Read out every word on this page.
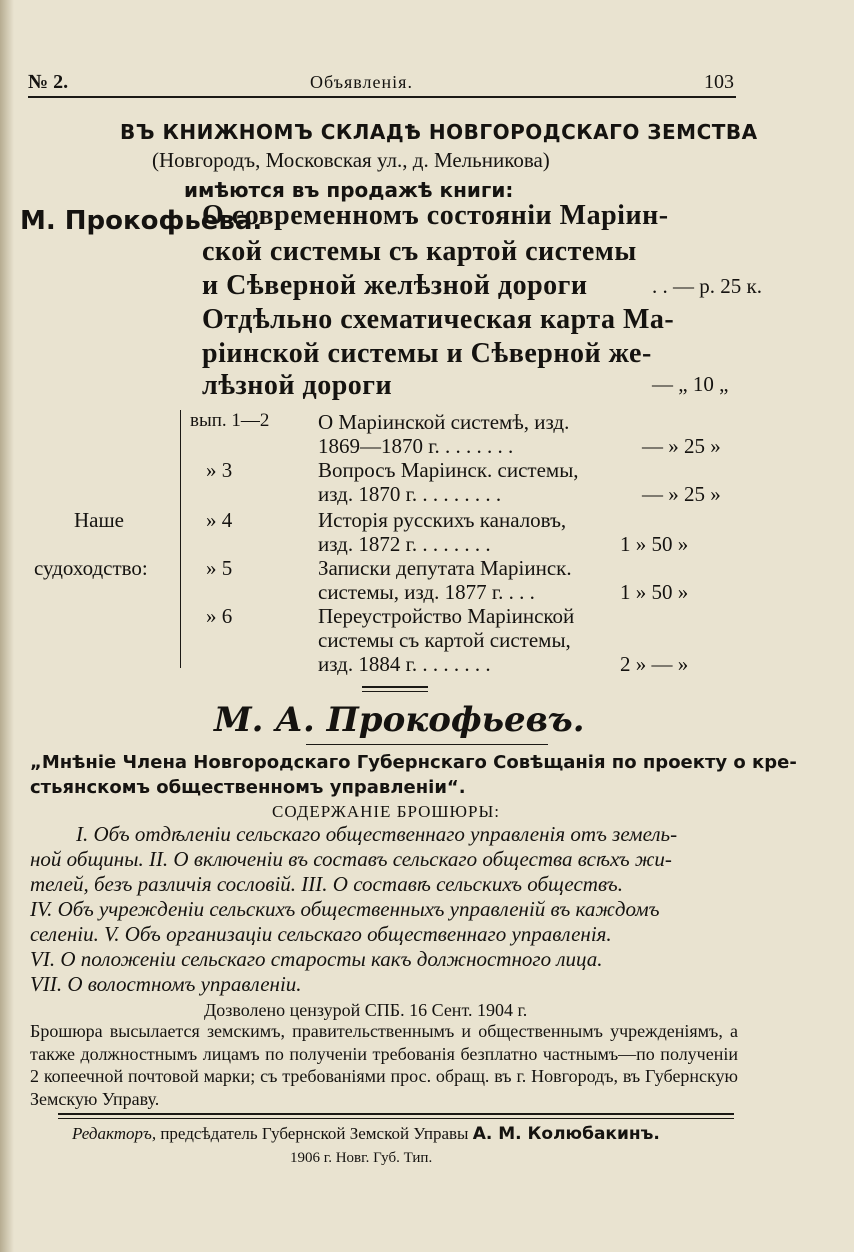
№ 2.	Объявленія.	103
ВЪ КНИЖНОМЪ СКЛАДѢ НОВГОРОДСКАГО ЗЕМСТВА
(Новгородъ, Московская ул., д. Мельникова)
имѣются въ продажѣ книги:
М. Прокофьева.
О современномъ состояніи Маріин-
ской системы съ картой системы
и Сѣверной желѣзной дороги	. . — р. 25 к.
Отдѣльно схематическая карта Ма-
ріинской системы и Сѣверной же-
лѣзной дороги	— „ 10 „
Наше
судоходство:
вып. 1—2 О Маріинской системѣ, изд.
1869—1870 г. . . . . . . .	— » 25 »
» 3	Вопросъ Маріинск. системы,
изд. 1870 г. . . . . . . . .	— » 25 »
» 4	Исторія русскихъ каналовъ,
изд. 1872 г. . . . . . . .	1 » 50 »
» 5	Записки депутата Маріинск.
системы, изд. 1877 г. . . .	1 » 50 »
» 6	Переустройство Маріинской
системы съ картой системы,
изд. 1884 г. . . . . . . .	2 » — »
М. А. Прокофьевъ.
„Мнѣніе Члена Новгородскаго Губернскаго Совѣщанія по проекту о кре-
стьянскомъ общественномъ управленіи“.
СОДЕРЖАНІЕ БРОШЮРЫ:
I. Объ отдѣленіи сельскаго общественнаго управленія отъ земель-
ной общины. II. О включеніи въ составъ сельскаго общества всѣхъ жи-
телей, безъ различія сословій. III. О составѣ сельскихъ обществъ.
IV. Объ учрежденіи сельскихъ общественныхъ управленій въ каждомъ
селеніи. V. Объ организаціи сельскаго общественнаго управленія.
VI. О положеніи сельскаго старосты какъ должностного лица.
VII. О волостномъ управленіи.
Дозволено цензурой СПБ. 16 Сент. 1904 г.
Брошюра высылается земскимъ, правительственнымъ и общественнымъ учрежденіямъ, а также должностнымъ лицамъ по полученіи требованія безплатно частнымъ—по полученіи 2 копеечной почтовой марки; съ требованіями прос. обращ. въ г. Новгородъ, въ Губернскую Земскую Управу.
Редакторъ, предсѣдатель Губернской Земской Управы А. М. Колюбакинъ.
1906 г. Новг. Губ. Тип.
